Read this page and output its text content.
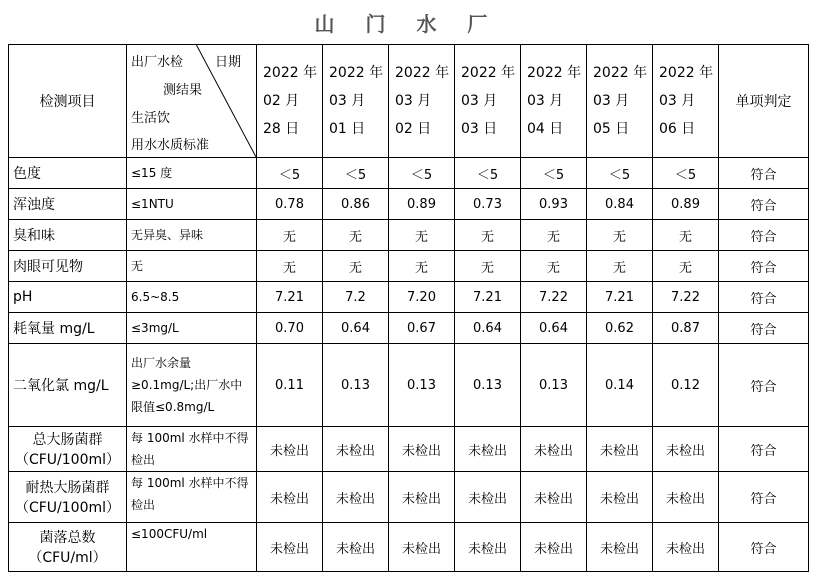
山 门 水 厂
检测项目	出厂水检 日期
测结果
生活饮
用水水质标准	2022 年
02 月
28 日	2022 年
03 月
01 日	2022 年
03 月
02 日	2022 年
03 月
03 日	2022 年
03 月
04 日	2022 年
03 月
05 日	2022 年
03 月
06 日	单项判定
色度	≤15 度	＜5	＜5	＜5	＜5	＜5	＜5	＜5	符合
浑浊度	≤1NTU	0.78	0.86	0.89	0.73	0.93	0.84	0.89	符合
臭和味	无异臭、异味	无	无	无	无	无	无	无	符合
肉眼可见物	无	无	无	无	无	无	无	无	符合
pH	6.5~8.5	7.21	7.2	7.20	7.21	7.22	7.21	7.22	符合
耗氧量 mg/L	≤3mg/L	0.70	0.64	0.67	0.64	0.64	0.62	0.87	符合
二氧化氯 mg/L	出厂水余量≥0.1mg/L;出厂水中限值≤0.8mg/L	0.11	0.13	0.13	0.13	0.13	0.14	0.12	符合
总大肠菌群（CFU/100ml）	每 100ml 水样中不得检出	未检出	未检出	未检出	未检出	未检出	未检出	未检出	符合
耐热大肠菌群（CFU/100ml）	每 100ml 水样中不得检出	未检出	未检出	未检出	未检出	未检出	未检出	未检出	符合
菌落总数（CFU/ml）	≤100CFU/ml	未检出	未检出	未检出	未检出	未检出	未检出	未检出	符合
